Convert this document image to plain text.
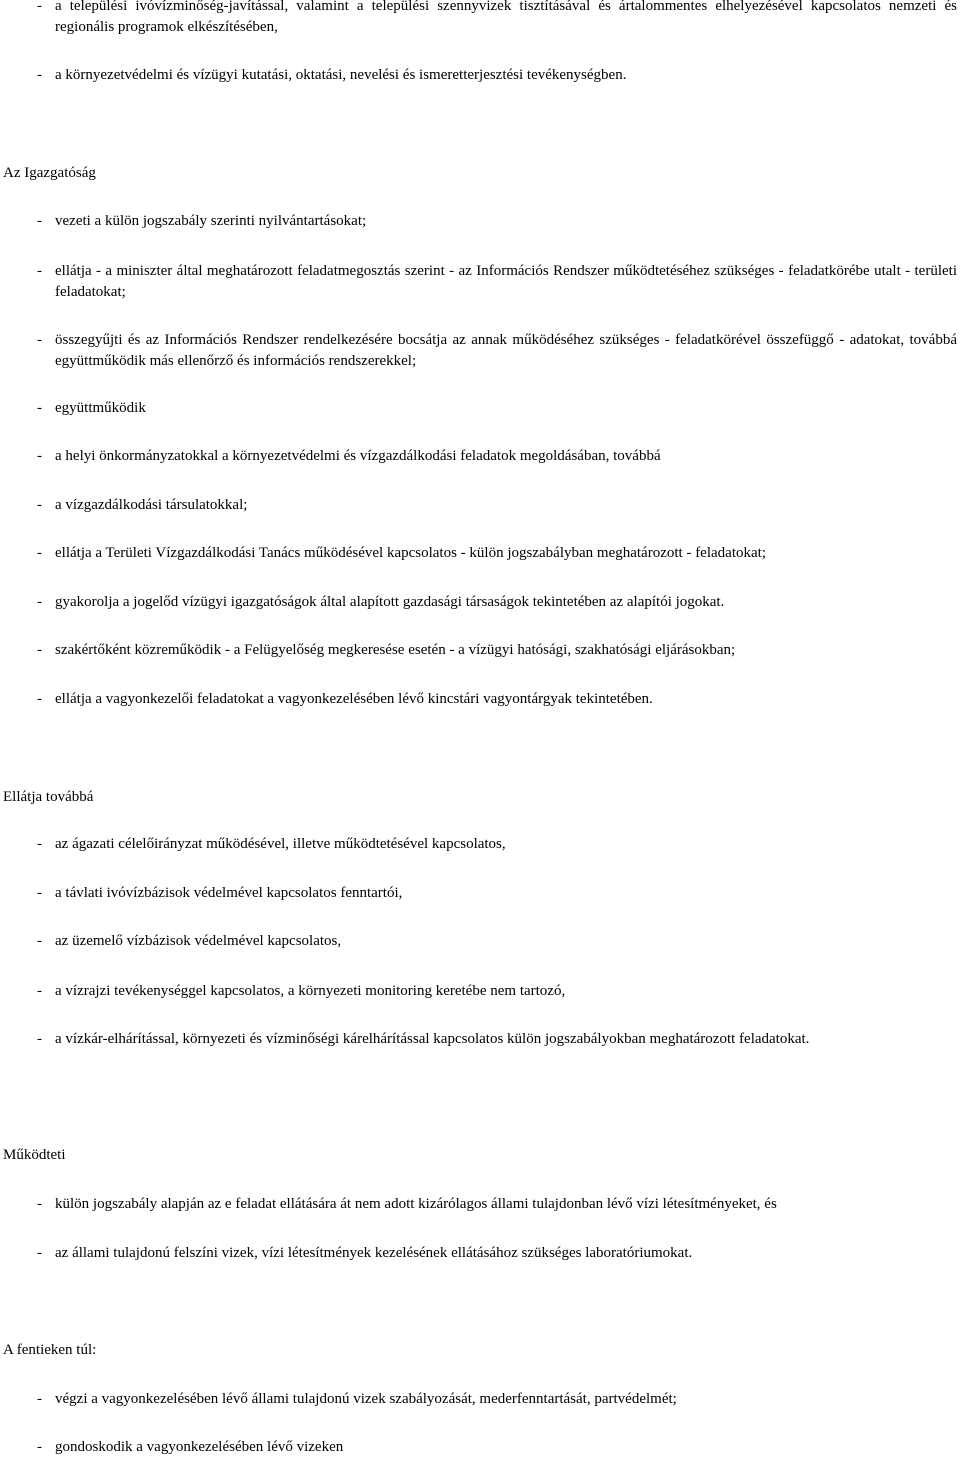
- a települési ivóvízminőség-javítással, valamint a települési szennyvizek tisztításával és ártalommentes elhelyezésével kapcsolatos nemzeti és regionális programok elkészítésében,
- a környezetvédelmi és vízügyi kutatási, oktatási, nevelési és ismeretterjesztési tevékenységben.
Az Igazgatóság
- vezeti a külön jogszabály szerinti nyilvántartásokat;
- ellátja - a miniszter által meghatározott feladatmegosztás szerint - az Információs Rendszer működtetéséhez szükséges - feladatkörébe utalt - területi feladatokat;
- összegyűjti és az Információs Rendszer rendelkezésére bocsátja az annak működéséhez szükséges - feladatkörével összefüggő - adatokat, továbbá együttműködik más ellenőrző és információs rendszerekkel;
- együttműködik
- a helyi önkormányzatokkal a környezetvédelmi és vízgazdálkodási feladatok megoldásában, továbbá
- a vízgazdálkodási társulatokkal;
- ellátja a Területi Vízgazdálkodási Tanács működésével kapcsolatos - külön jogszabályban meghatározott - feladatokat;
- gyakorolja a jogelőd vízügyi igazgatóságok által alapított gazdasági társaságok tekintetében az alapítói jogokat.
- szakértőként közreműködik - a Felügyelőség megkeresése esetén - a vízügyi hatósági, szakhatósági eljárásokban;
- ellátja a vagyonkezelői feladatokat a vagyonkezelésében lévő kincstári vagyontárgyak tekintetében.
Ellátja továbbá
- az ágazati célelőirányzat működésével, illetve működtetésével kapcsolatos,
- a távlati ivóvízbázisok védelmével kapcsolatos fenntartói,
- az üzemelő vízbázisok védelmével kapcsolatos,
- a vízrajzi tevékenységgel kapcsolatos, a környezeti monitoring keretébe nem tartozó,
- a vízkár-elhárítással, környezeti és vízminőségi kárelhárítással kapcsolatos külön jogszabályokban meghatározott feladatokat.
Működteti
- külön jogszabály alapján az e feladat ellátására át nem adott kizárólagos állami tulajdonban lévő vízi létesítményeket, és
- az állami tulajdonú felszíni vizek, vízi létesítmények kezelésének ellátásához szükséges laboratóriumokat.
A fentieken túl:
- végzi a vagyonkezelésében lévő állami tulajdonú vizek szabályozását, mederfenntartását, partvédelmét;
- gondoskodik a vagyonkezelésében lévő vizeken
